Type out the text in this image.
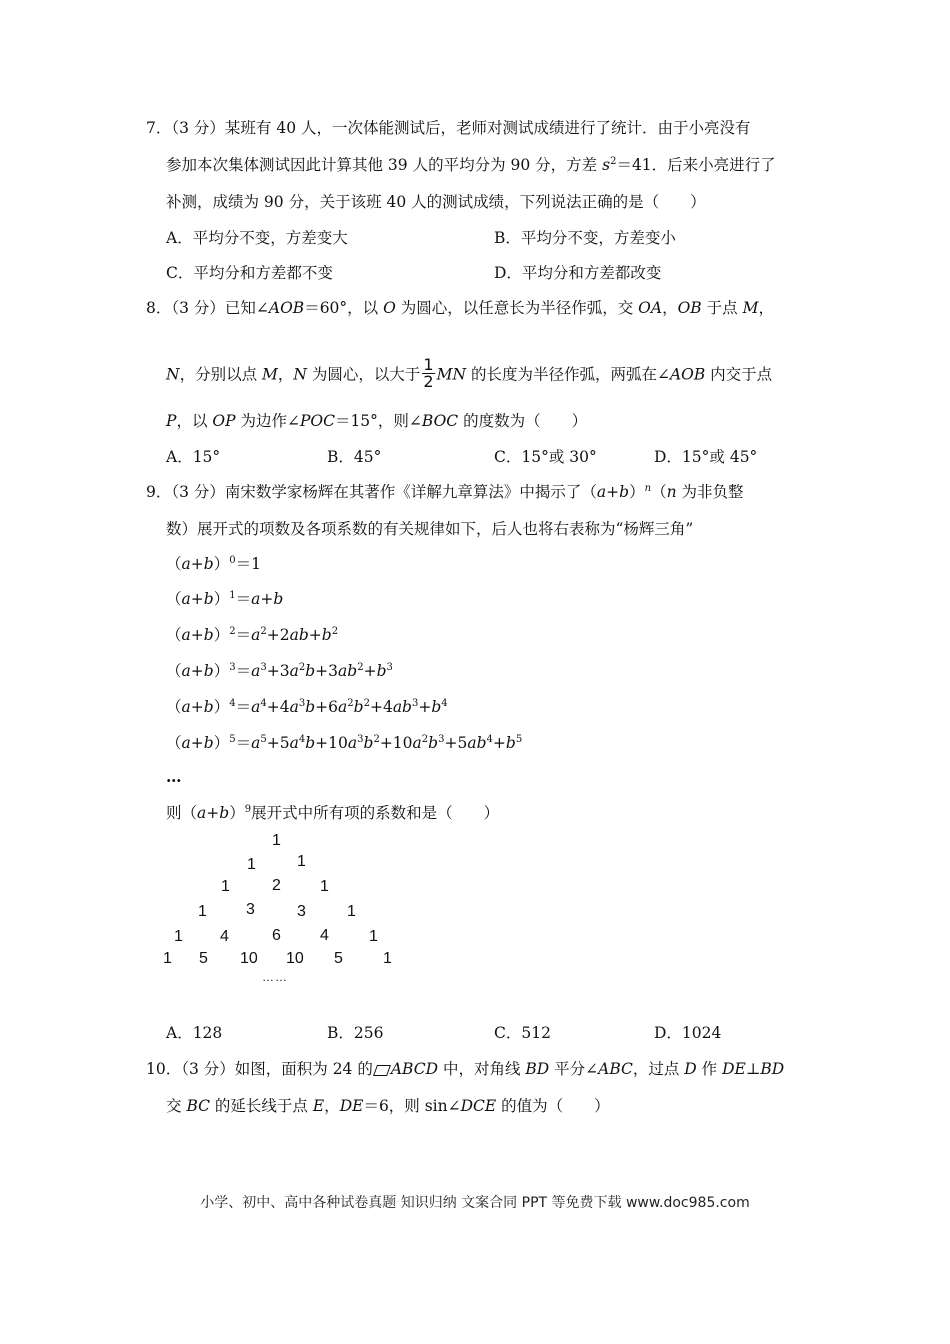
7．（3 分）某班有 40 人，一次体能测试后，老师对测试成绩进行了统计．由于小亮没有
参加本次集体测试因此计算其他 39 人的平均分为 90 分，方差 $s^2=41$．后来小亮进行了
补测，成绩为 90 分，关于该班 40 人的测试成绩，下列说法正确的是（　　）
A．平均分不变，方差变大	B．平均分不变，方差变小
C．平均分和方差都不变	D．平均分和方差都改变
8．（3 分）已知∠AOB＝60°，以 O 为圆心，以任意长为半径作弧，交 OA，OB 于点 M，
N，分别以点 M，N 为圆心，以大于 $\frac{1}{2}$ MN 的长度为半径作弧，两弧在∠AOB 内交于点
P，以 OP 为边作∠POC＝15°，则∠BOC 的度数为（　　）
A．15°	B．45°	C．15°或 30°	D．15°或 45°
9．（3 分）南宋数学家杨辉在其著作《详解九章算法》中揭示了$(a+b)^n(n$ 为非负整
数）展开式的项数及各项系数的有关规律如下，后人也将右表称为“杨辉三角”
$(a+b)^0=1$
$(a+b)^1=a+b$
$(a+b)^2=a^2+2ab+b^2$
$(a+b)^3=a^3+3a^2b+3ab^2+b^3$
$(a+b)^4=a^4+4a^3b+6a^2b^2+4ab^3+b^4$
$(a+b)^5=a^5+5a^4b+10a^3b^2+10a^2b^3+5ab^4+b^5$
…
则$(a+b)^9$展开式中所有项的系数和是（　　）
1
1	1
1	2 1
1 3	3	1
1 4	6 4	1
1 5 10 10 5	1
……
A．128	B．256	C．512	D．1024
10．（3 分）如图，面积为 24 的 ABCD 中，对角线 BD 平分∠ABC，过点 D 作 DE⊥BD
交 BC 的延长线于点 E，DE＝6，则 sin∠DCE 的值为（　　）
小学、初中、高中各种试卷真题 知识归纳 文案合同 PPT 等免费下载 www.doc985.com
